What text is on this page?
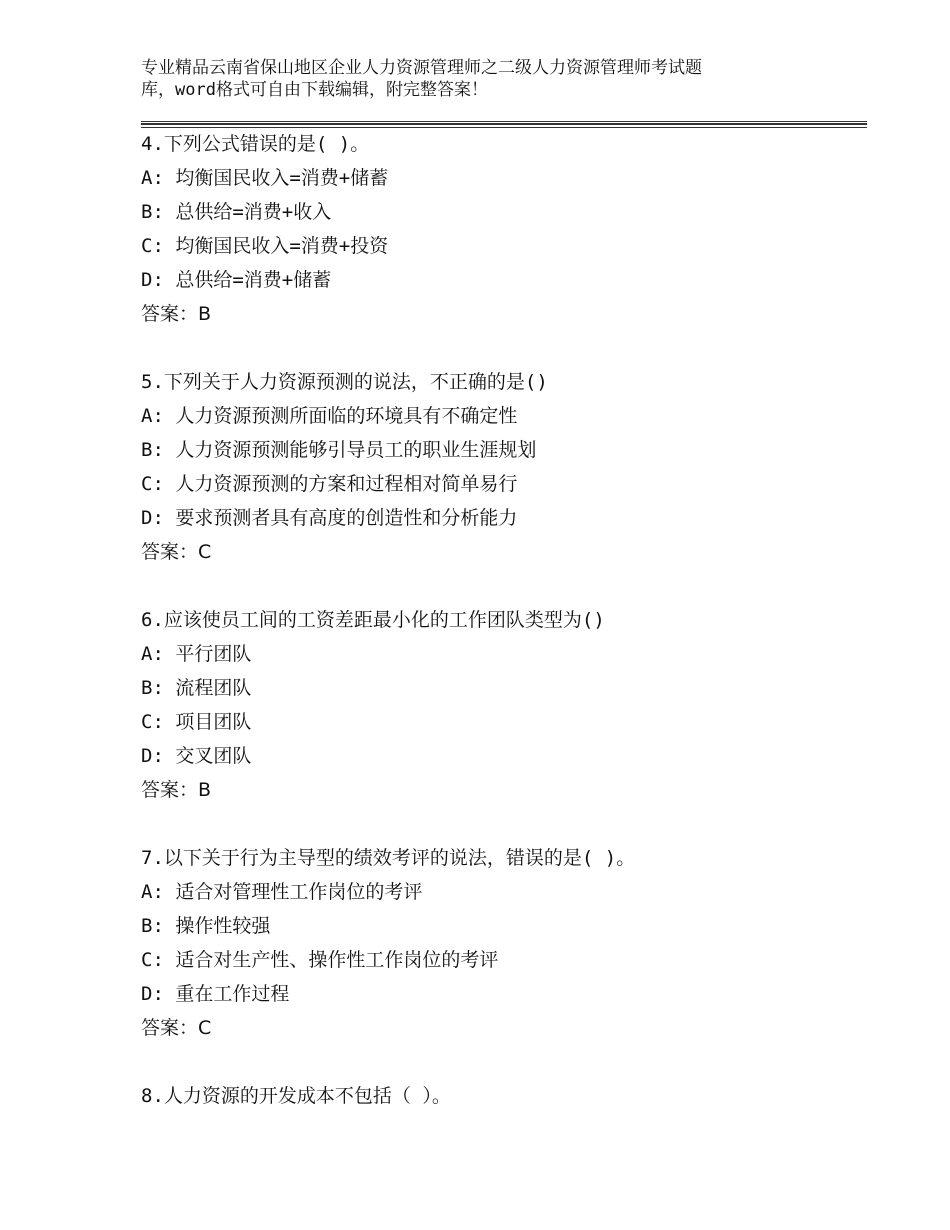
专业精品云南省保山地区企业人力资源管理师之二级人力资源管理师考试题
库，word格式可自由下载编辑，附完整答案！
4.下列公式错误的是( )。
A: 均衡国民收入=消费+储蓄
B: 总供给=消费+收入
C: 均衡国民收入=消费+投资
D: 总供给=消费+储蓄
答案：B
5.下列关于人力资源预测的说法，不正确的是()
A: 人力资源预测所面临的环境具有不确定性
B: 人力资源预测能够引导员工的职业生涯规划
C: 人力资源预测的方案和过程相对简单易行
D: 要求预测者具有高度的创造性和分析能力
答案：C
6.应该使员工间的工资差距最小化的工作团队类型为()
A: 平行团队
B: 流程团队
C: 项目团队
D: 交叉团队
答案：B
7.以下关于行为主导型的绩效考评的说法，错误的是( )。
A: 适合对管理性工作岗位的考评
B: 操作性较强
C: 适合对生产性、操作性工作岗位的考评
D: 重在工作过程
答案：C
8.人力资源的开发成本不包括（ ）。
